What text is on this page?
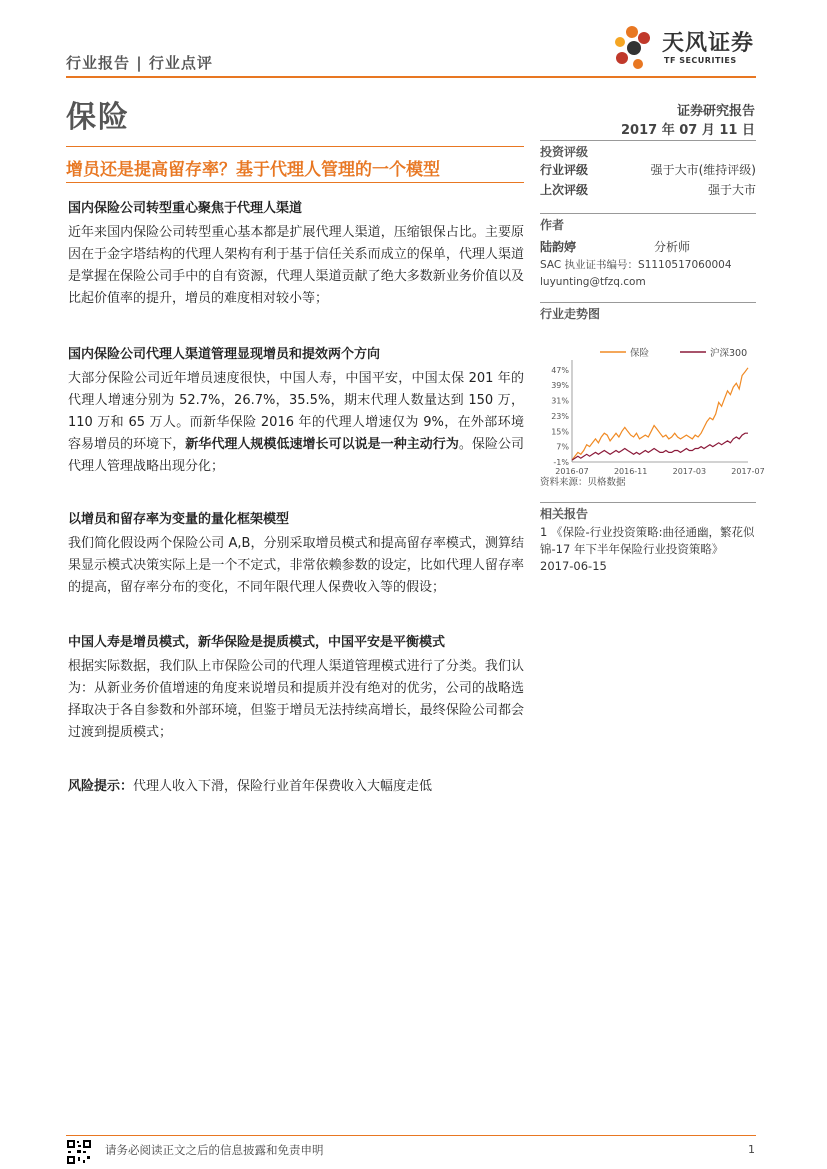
行业报告 | 行业点评
天风证券
TF SECURITIES
保险	证券研究报告
2017 年 07 月 11 日
增员还是提高留存率？基于代理人管理的一个模型
国内保险公司转型重心聚焦于代理人渠道

近年来国内保险公司转型重心基本都是扩展代理人渠道，压缩银保占比。主要原因在于金字塔结构的代理人架构有利于基于信任关系而成立的保单，代理人渠道是掌握在保险公司手中的自有资源，代理人渠道贡献了绝大多数新业务价值以及比起价值率的提升，增员的难度相对较小等；

国内保险公司代理人渠道管理显现增员和提效两个方向

大部分保险公司近年增员速度很快，中国人寿，中国平安，中国太保 201 年的代理人增速分别为 52.7%，26.7%，35.5%，期末代理人数量达到 150 万，110 万和 65 万人。而新华保险 2016 年的代理人增速仅为 9%，在外部环境容易增员的环境下，新华代理人规模低速增长可以说是一种主动行为。保险公司代理人管理战略出现分化；

以增员和留存率为变量的量化框架模型

我们简化假设两个保险公司 A,B，分别采取增员模式和提高留存率模式，测算结果显示模式决策实际上是一个不定式，非常依赖参数的设定，比如代理人留存率的提高，留存率分布的变化，不同年限代理人保费收入等的假设；

中国人寿是增员模式，新华保险是提质模式，中国平安是平衡模式

根据实际数据，我们队上市保险公司的代理人渠道管理模式进行了分类。我们认为：从新业务价值增速的角度来说增员和提质并没有绝对的优劣，公司的战略选择取决于各自参数和外部环境，但鉴于增员无法持续高增长，最终保险公司都会过渡到提质模式；

风险提示：代理人收入下滑，保险行业首年保费收入大幅度走低
投资评级
行业评级	强于大市(维持评级)
上次评级	强于大市
作者
陆韵婷	分析师
SAC 执业证书编号：S1110517060004
luyunting@tfzq.com
行业走势图
保险	沪深300
-1%
7%
15%
23%
31%
39%
47%
2016-07	2016-11	2017-03	2017-07
资料来源：贝格数据
相关报告
1 《保险-行业投资策略:曲径通幽，繁花似锦-17 年下半年保险行业投资策略》 2017-06-15
请务必阅读正文之后的信息披露和免责申明	1
